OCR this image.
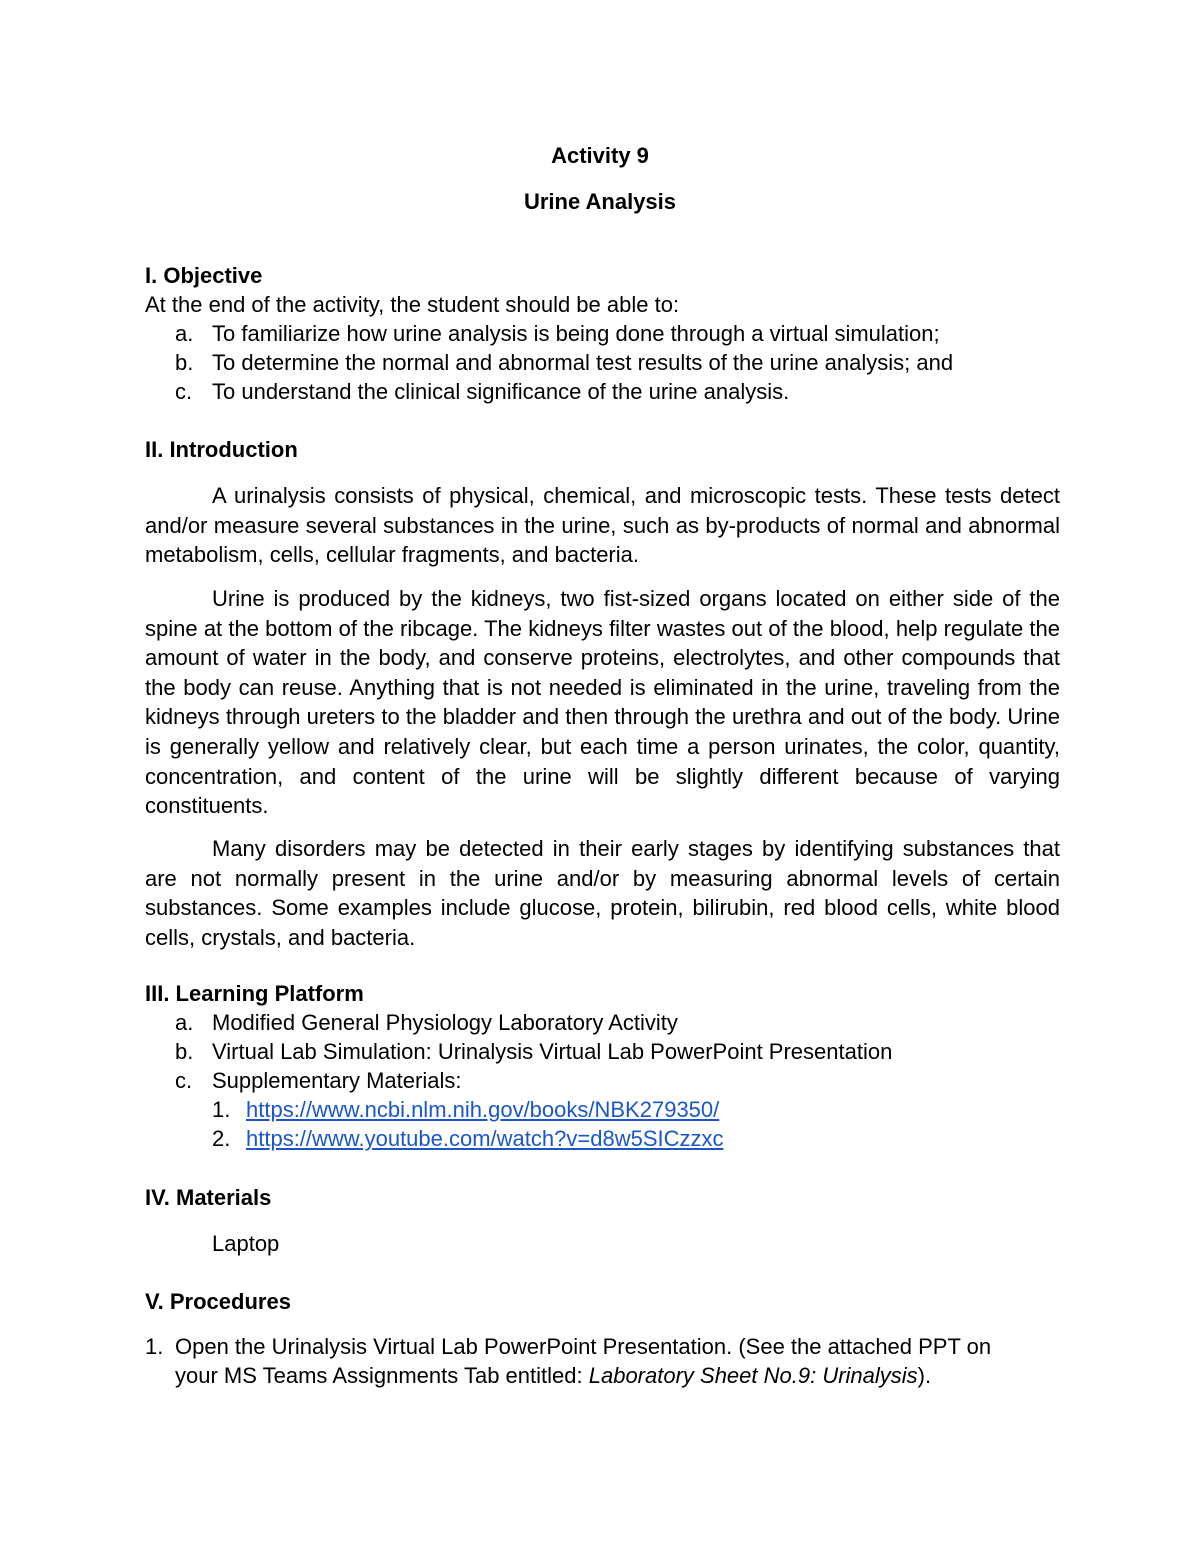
Activity 9
Urine Analysis
I. Objective
At the end of the activity, the student should be able to:
a. To familiarize how urine analysis is being done through a virtual simulation;
b. To determine the normal and abnormal test results of the urine analysis; and
c. To understand the clinical significance of the urine analysis.
II. Introduction
A urinalysis consists of physical, chemical, and microscopic tests. These tests detect and/or measure several substances in the urine, such as by-products of normal and abnormal metabolism, cells, cellular fragments, and bacteria.
Urine is produced by the kidneys, two fist-sized organs located on either side of the spine at the bottom of the ribcage. The kidneys filter wastes out of the blood, help regulate the amount of water in the body, and conserve proteins, electrolytes, and other compounds that the body can reuse. Anything that is not needed is eliminated in the urine, traveling from the kidneys through ureters to the bladder and then through the urethra and out of the body. Urine is generally yellow and relatively clear, but each time a person urinates, the color, quantity, concentration, and content of the urine will be slightly different because of varying constituents.
Many disorders may be detected in their early stages by identifying substances that are not normally present in the urine and/or by measuring abnormal levels of certain substances. Some examples include glucose, protein, bilirubin, red blood cells, white blood cells, crystals, and bacteria.
III. Learning Platform
a. Modified General Physiology Laboratory Activity
b. Virtual Lab Simulation: Urinalysis Virtual Lab PowerPoint Presentation
c. Supplementary Materials:
1. https://www.ncbi.nlm.nih.gov/books/NBK279350/
2. https://www.youtube.com/watch?v=d8w5SICzzxc
IV. Materials
Laptop
V. Procedures
1. Open the Urinalysis Virtual Lab PowerPoint Presentation. (See the attached PPT on
your MS Teams Assignments Tab entitled: Laboratory Sheet No.9: Urinalysis).
